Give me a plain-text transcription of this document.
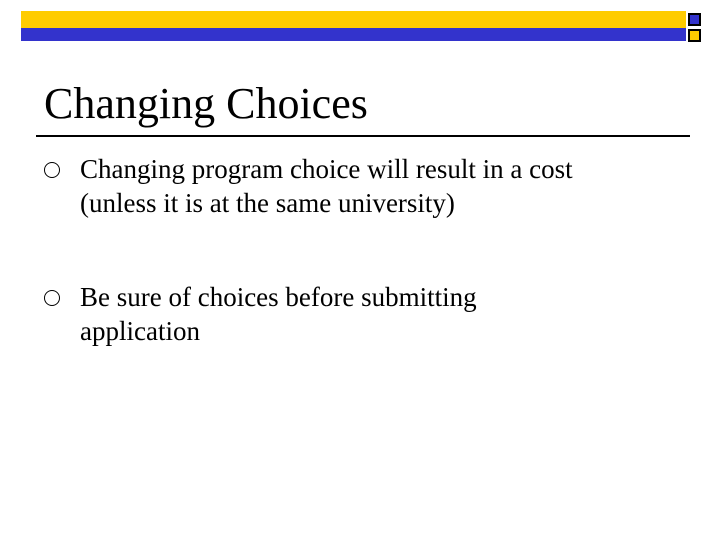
Changing Choices
Changing program choice will result in a cost
(unless it is at the same university)
Be sure of choices before submitting
application
